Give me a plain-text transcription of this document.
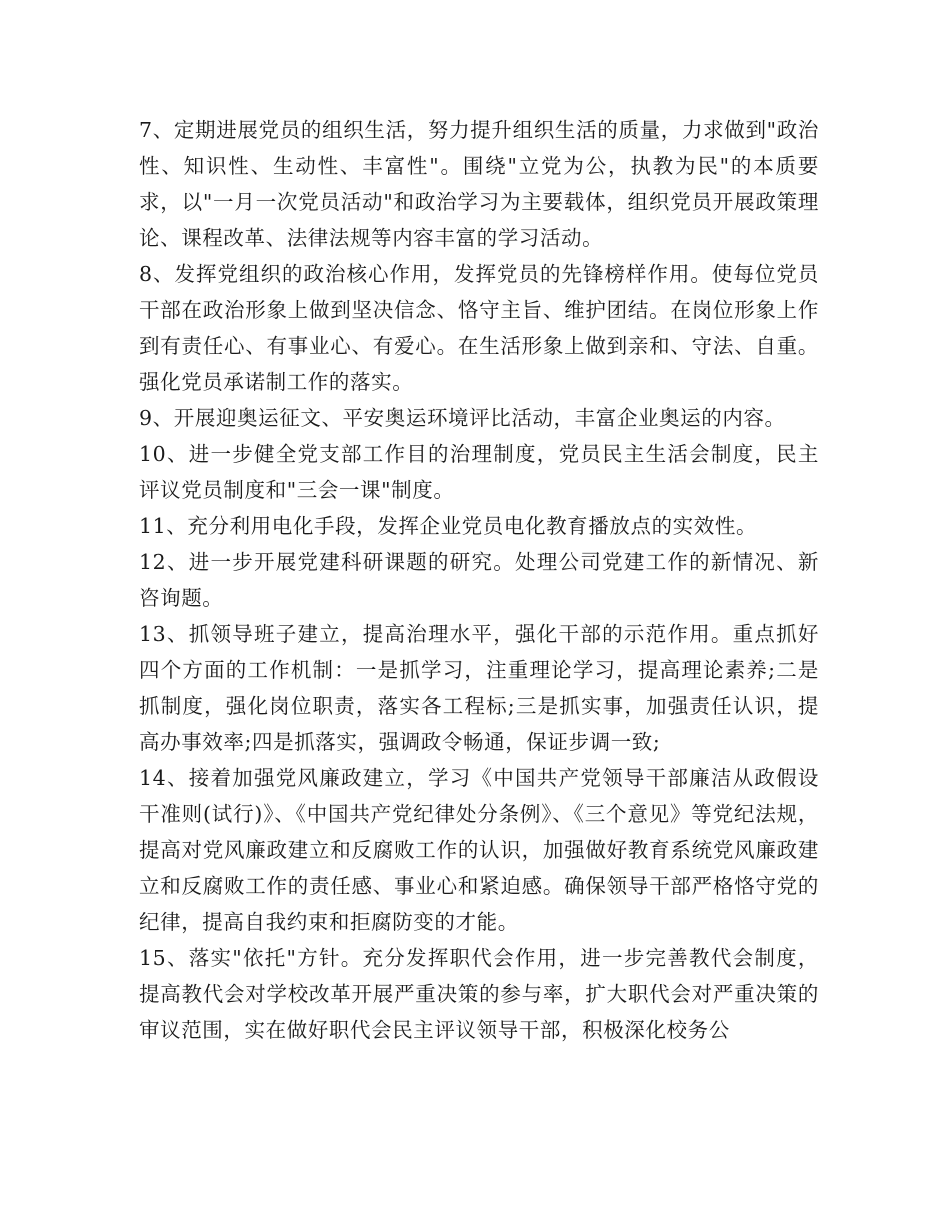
7、定期进展党员的组织生活，努力提升组织生活的质量，力求做到"政治性、知识性、生动性、丰富性"。围绕"立党为公，执教为民"的本质要求，以"一月一次党员活动"和政治学习为主要载体，组织党员开展政策理论、课程改革、法律法规等内容丰富的学习活动。

8、发挥党组织的政治核心作用，发挥党员的先锋榜样作用。使每位党员干部在政治形象上做到坚决信念、恪守主旨、维护团结。在岗位形象上作到有责任心、有事业心、有爱心。在生活形象上做到亲和、守法、自重。强化党员承诺制工作的落实。

9、开展迎奥运征文、平安奥运环境评比活动，丰富企业奥运的内容。

10、进一步健全党支部工作目的治理制度，党员民主生活会制度，民主评议党员制度和"三会一课"制度。

11、充分利用电化手段，发挥企业党员电化教育播放点的实效性。

12、进一步开展党建科研课题的研究。处理公司党建工作的新情况、新咨询题。

13、抓领导班子建立，提高治理水平，强化干部的示范作用。重点抓好四个方面的工作机制：一是抓学习，注重理论学习，提高理论素养;二是抓制度，强化岗位职责，落实各工程标;三是抓实事，加强责任认识，提高办事效率;四是抓落实，强调政令畅通，保证步调一致;

14、接着加强党风廉政建立，学习《中国共产党领导干部廉洁从政假设干准则(试行)》、《中国共产党纪律处分条例》、《三个意见》等党纪法规，提高对党风廉政建立和反腐败工作的认识，加强做好教育系统党风廉政建立和反腐败工作的责任感、事业心和紧迫感。确保领导干部严格恪守党的纪律，提高自我约束和拒腐防变的才能。

15、落实"依托"方针。充分发挥职代会作用，进一步完善教代会制度，提高教代会对学校改革开展严重决策的参与率，扩大职代会对严重决策的审议范围，实在做好职代会民主评议领导干部，积极深化校务公
